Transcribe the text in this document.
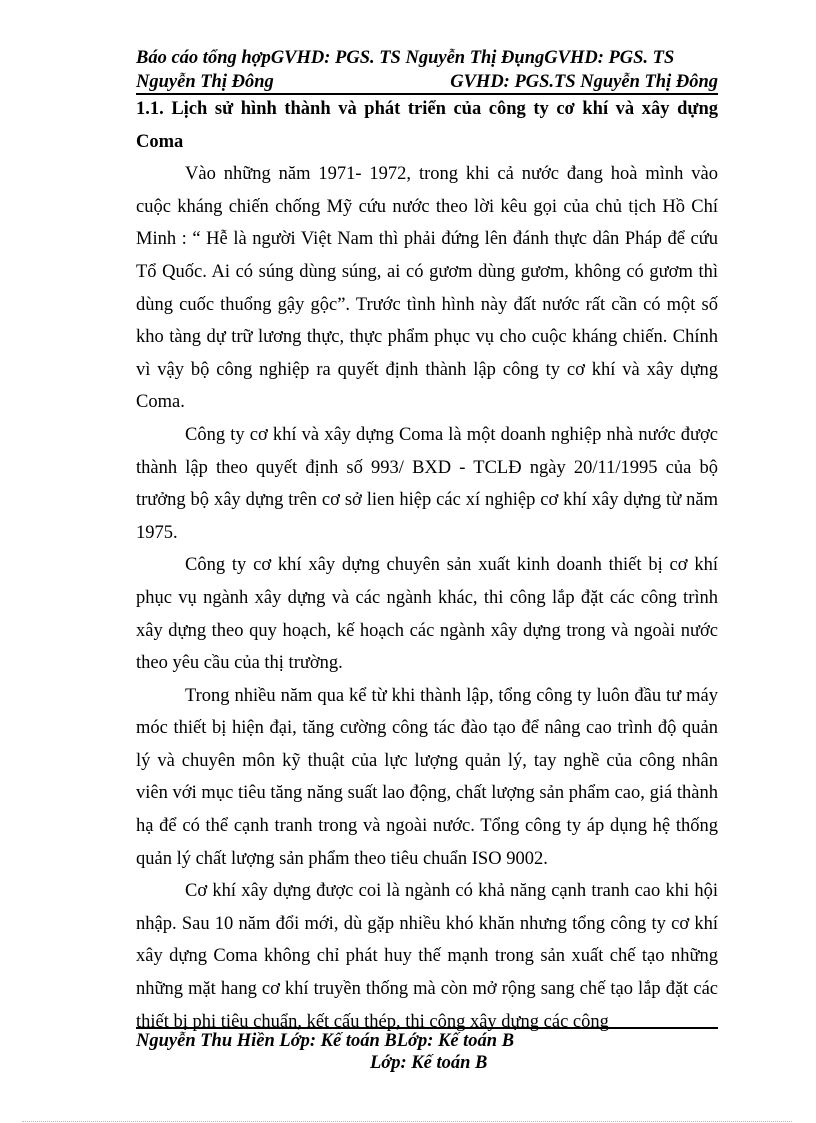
Báo cáo tổng hợpGVHD: PGS. TS Nguyễn Thị ĐụngGVHD: PGS. TS
Nguyễn Thị Đông	GVHD: PGS.TS Nguyễn Thị Đông

1.1. Lịch sử hình thành và phát triển của công ty cơ khí và xây dựng

Coma

Vào những năm 1971- 1972, trong khi cả nước đang hoà mình vào cuộc kháng chiến chống Mỹ cứu nước theo lời kêu gọi của chủ tịch Hồ Chí Minh : “ Hễ là người Việt Nam thì phải đứng lên đánh thực dân Pháp để cứu Tổ Quốc. Ai có súng dùng súng, ai có gươm dùng gươm, không có gươm thì dùng cuốc thuổng gậy gộc”. Trước tình hình này đất nước rất cần có một số kho tàng dự trữ lương thực, thực phẩm phục vụ cho cuộc kháng chiến. Chính vì vậy bộ công nghiệp ra quyết định thành lập công ty cơ khí và xây dựng Coma.

Công ty cơ khí và xây dựng Coma là một doanh nghiệp nhà nước được thành lập theo quyết định số 993/ BXD - TCLĐ ngày 20/11/1995 của bộ trưởng bộ xây dựng trên cơ sở lien hiệp các xí nghiệp cơ khí xây dựng từ năm 1975.

Công ty cơ khí xây dựng chuyên sản xuất kinh doanh thiết bị cơ khí phục vụ ngành xây dựng và các ngành khác, thi công lắp đặt các công trình xây dựng theo quy hoạch, kế hoạch các ngành xây dựng trong và ngoài nước theo yêu cầu của thị trường.

Trong nhiều năm qua kể từ khi thành lập, tổng công ty luôn đầu tư máy móc thiết bị hiện đại, tăng cường công tác đào tạo để nâng cao trình độ quản lý và chuyên môn kỹ thuật của lực lượng quản lý, tay nghề của công nhân viên với mục tiêu tăng năng suất lao động, chất lượng sản phẩm cao, giá thành hạ để có thể cạnh tranh trong và ngoài nước. Tổng công ty áp dụng hệ thống quản lý chất lượng sản phẩm theo tiêu chuẩn ISO 9002.

Cơ khí xây dựng được coi là ngành có khả năng cạnh tranh cao khi hội nhập. Sau 10 năm đổi mới, dù gặp nhiều khó khăn nhưng tổng công ty cơ khí xây dựng Coma không chỉ phát huy thế mạnh trong sản xuất chế tạo những những mặt hang cơ khí truyền thống mà còn mở rộng sang chế tạo lắp đặt các thiết bị phi tiêu chuẩn, kết cấu thép, thi công xây dựng các công

Nguyễn Thu Hiền Lớp: Kế toán BLớp: Kế toán B
Lớp: Kế toán B
